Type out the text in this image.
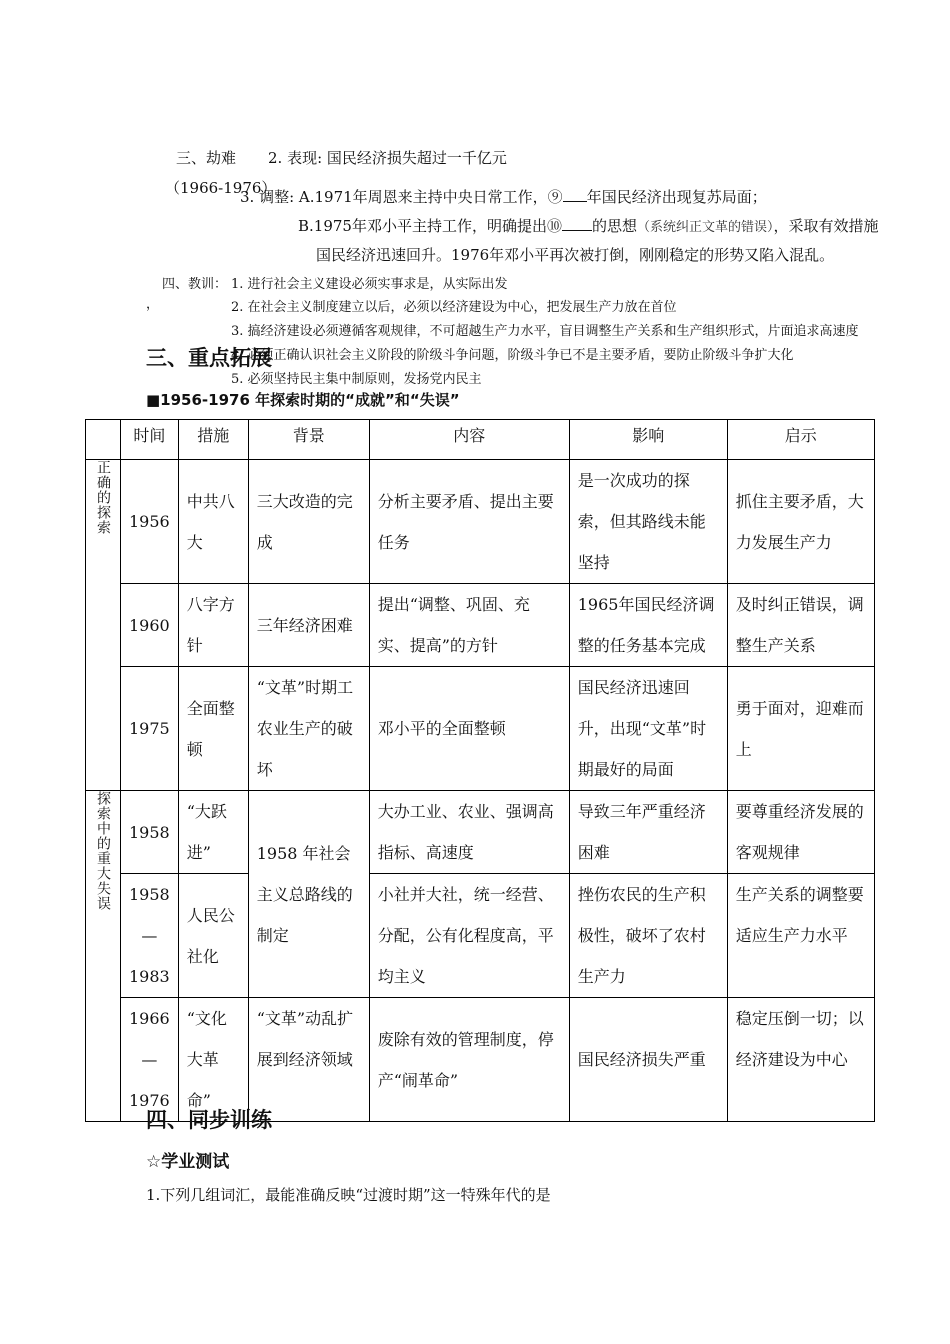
三、劫难 2. 表现: 国民经济损失超过一千亿元
（1966-1976）
3. 调整: A.1971年周恩来主持中央日常工作，⑨ 年国民经济出现复苏局面；
B.1975年邓小平主持工作，明确提出⑩ 的思想（系统纠正文革的错误），采取有效措施
国民经济迅速回升。1976年邓小平再次被打倒，刚刚稳定的形势又陷入混乱。
四、教训：
，
1. 进行社会主义建设必须实事求是，从实际出发
2. 在社会主义制度建立以后，必须以经济建设为中心，把发展生产力放在首位
3. 搞经济建设必须遵循客观规律，不可超越生产力水平，盲目调整生产关系和生产组织形式，片面追求高速度
4. 必须正确认识社会主义阶段的阶级斗争问题，阶级斗争已不是主要矛盾，要防止阶级斗争扩大化
5. 必须坚持民主集中制原则，发扬党内民主
三、重点拓展
■1956-1976 年探索时期的“成就”和“失误”
	时间	措施	背景	内容	影响	启示
正确的探索	1956	中共八大	三大改造的完成	分析主要矛盾、提出主要任务	是一次成功的探索，但其路线未能坚持	抓住主要矛盾，大力发展生产力
	1960	八字方针	三年经济困难	提出“调整、巩固、充实、提高”的方针	1965年国民经济调整的任务基本完成	及时纠正错误，调整生产关系
	1975	全面整顿	“文革”时期工农业生产的破坏	邓小平的全面整顿	国民经济迅速回升，出现“文革”时期最好的局面	勇于面对，迎难而上
探索中的重大失误	1958	“大跃进”	1958 年社会主义总路线的制定	大办工业、农业、强调高指标、高速度	导致三年严重经济困难	要尊重经济发展的客观规律
	1958—1983	人民公社化		小社并大社，统一经营、分配，公有化程度高，平均主义	挫伤农民的生产积极性，破坏了农村生产力	生产关系的调整要适应生产力水平
	1966—1976	“文化大革命”	“文革”动乱扩展到经济领域	废除有效的管理制度，停产“闹革命”	国民经济损失严重	稳定压倒一切；以经济建设为中心
四、同步训练
☆学业测试
1.下列几组词汇，最能准确反映“过渡时期”这一特殊年代的是
